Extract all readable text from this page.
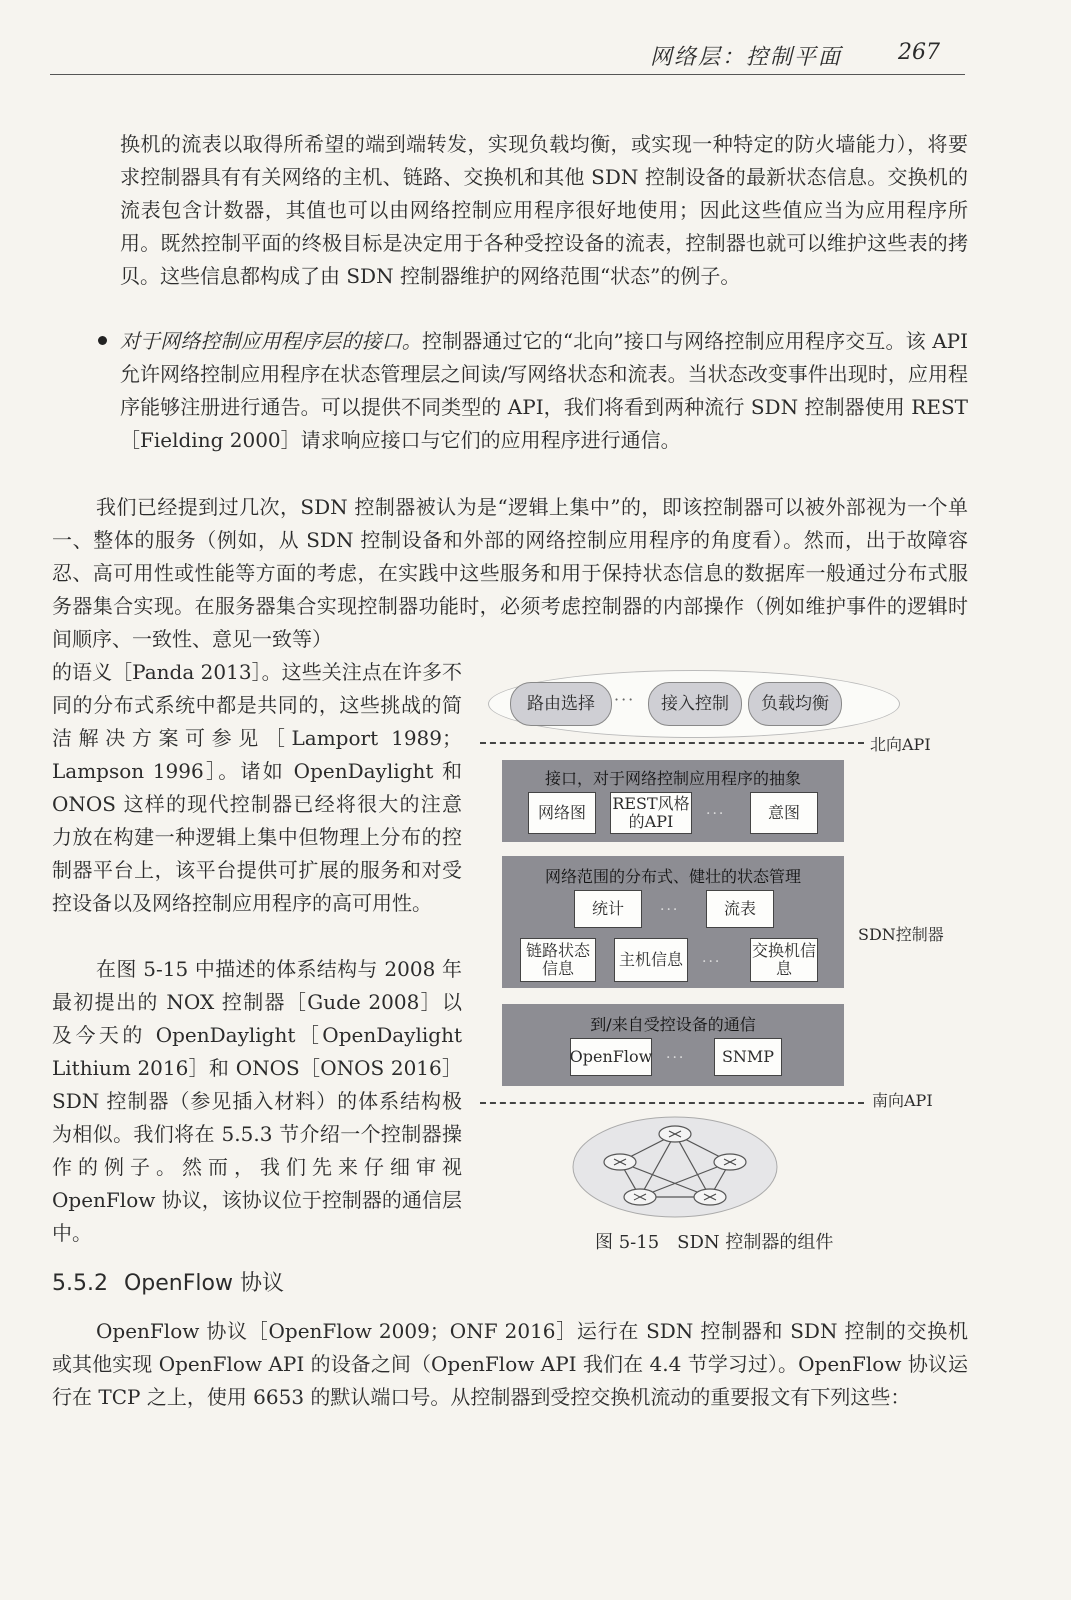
网络层：控制平面	267
换机的流表以取得所希望的端到端转发，实现负载均衡，或实现一种特定的防火墙能力），将要求控制器具有有关网络的主机、链路、交换机和其他 SDN 控制设备的最新状态信息。交换机的流表包含计数器，其值也可以由网络控制应用程序很好地使用；因此这些值应当为应用程序所用。既然控制平面的终极目标是决定用于各种受控设备的流表，控制器也就可以维护这些表的拷贝。这些信息都构成了由 SDN 控制器维护的网络范围“状态”的例子。
对于网络控制应用程序层的接口。控制器通过它的“北向”接口与网络控制应用程序交互。该 API 允许网络控制应用程序在状态管理层之间读/写网络状态和流表。当状态改变事件出现时，应用程序能够注册进行通告。可以提供不同类型的 API，我们将看到两种流行 SDN 控制器使用 REST［Fielding 2000］请求响应接口与它们的应用程序进行通信。
我们已经提到过几次，SDN 控制器被认为是“逻辑上集中”的，即该控制器可以被外部视为一个单一、整体的服务（例如，从 SDN 控制设备和外部的网络控制应用程序的角度看）。然而，出于故障容忍、高可用性或性能等方面的考虑，在实践中这些服务和用于保持状态信息的数据库一般通过分布式服务器集合实现。在服务器集合实现控制器功能时，必须考虑控制器的内部操作（例如维护事件的逻辑时间顺序、一致性、意见一致等）
的语义［Panda 2013］。这些关注点在许多不同的分布式系统中都是共同的，这些挑战的简洁解决方案可参见［Lamport 1989；Lampson 1996］。诸如 OpenDaylight 和 ONOS 这样的现代控制器已经将很大的注意力放在构建一种逻辑上集中但物理上分布的控制器平台上，该平台提供可扩展的服务和对受控设备以及网络控制应用程序的高可用性。
在图 5-15 中描述的体系结构与 2008 年最初提出的 NOX 控制器［Gude 2008］以及今天的 OpenDaylight［OpenDaylight Lithium 2016］和 ONOS［ONOS 2016］SDN 控制器（参见插入材料）的体系结构极为相似。我们将在 5.5.3 节介绍一个控制器操作的例子。然而，我们先来仔细审视 OpenFlow 协议，该协议位于控制器的通信层中。
路由选择	···	接入控制	负载均衡
北向API
接口，对于网络控制应用程序的抽象
网络图	REST风格的API	···	意图
网络范围的分布式、健壮的状态管理
统计	···	流表
链路状态信息	主机信息	···
交换机信息
SDN控制器
到/来自受控设备的通信
OpenFlow ···	SNMP
南向API
图 5-15 SDN 控制器的组件
5.5.2 OpenFlow 协议
OpenFlow 协议［OpenFlow 2009；ONF 2016］运行在 SDN 控制器和 SDN 控制的交换机或其他实现 OpenFlow API 的设备之间（OpenFlow API 我们在 4.4 节学习过）。OpenFlow 协议运行在 TCP 之上，使用 6653 的默认端口号。从控制器到受控交换机流动的重要报文有下列这些：
